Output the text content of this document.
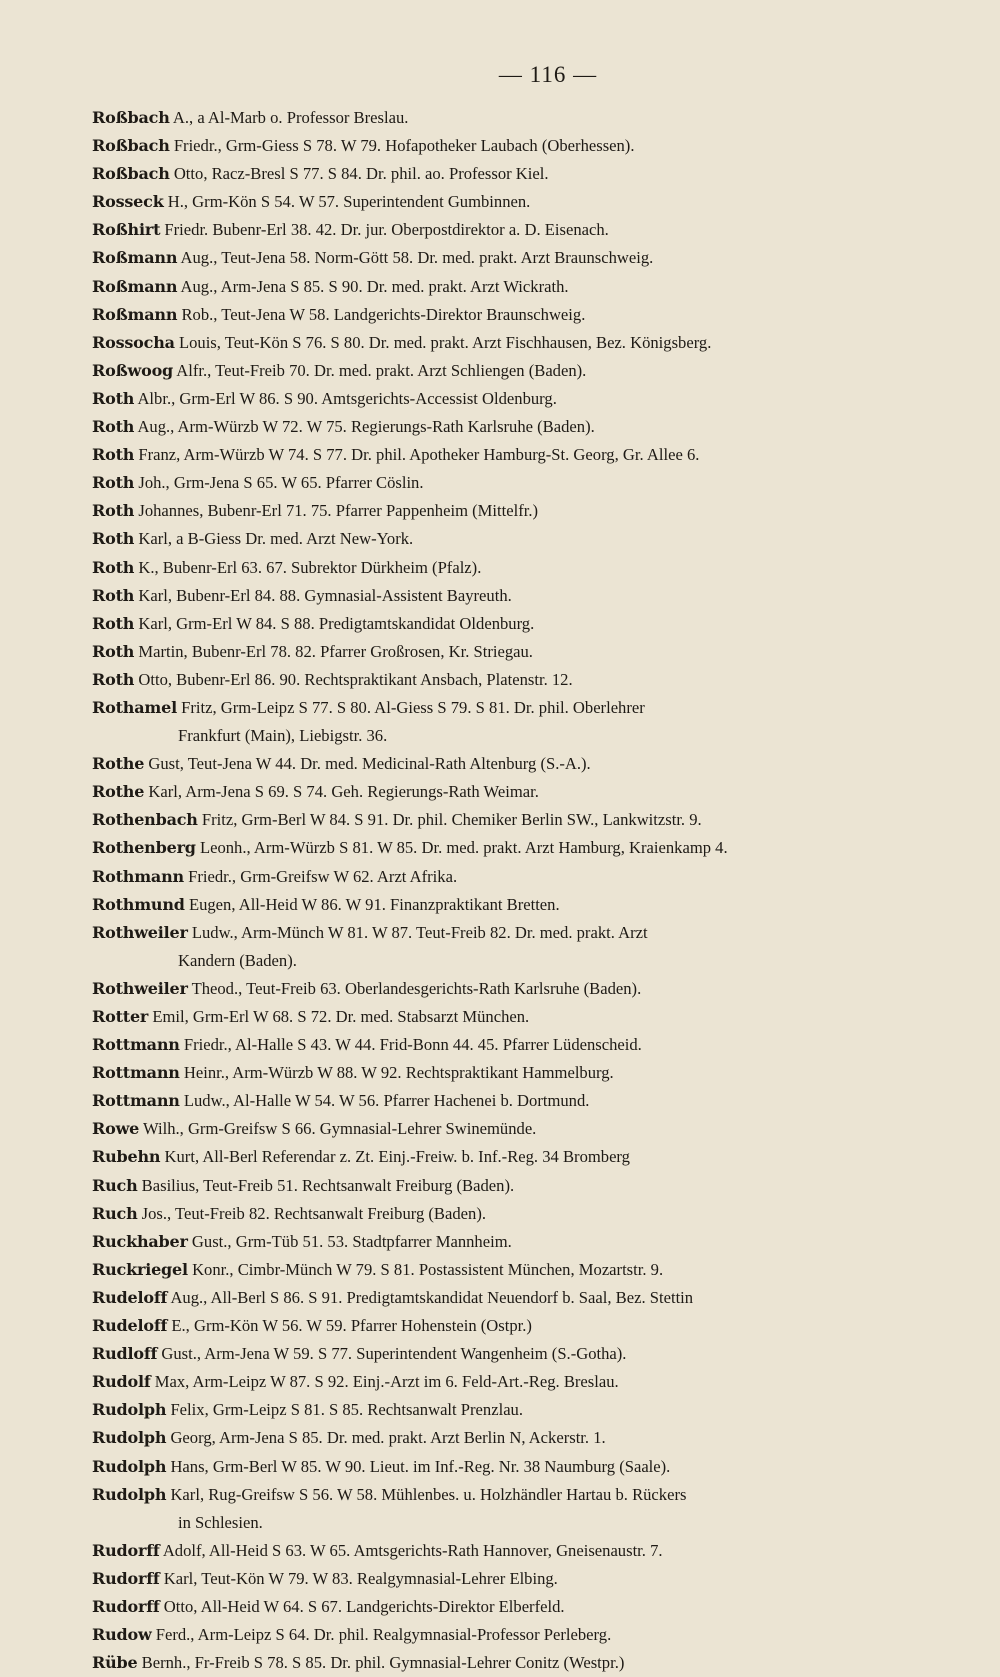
— 116 —
Roßbach A., a Al-Marb o. Professor Breslau.
Roßbach Friedr., Grm-Giess S 78. W 79. Hofapotheker Laubach (Oberhessen).
Roßbach Otto, Racz-Bresl S 77. S 84. Dr. phil. ao. Professor Kiel.
Rosseck H., Grm-Kön S 54. W 57. Superintendent Gumbinnen.
Roßhirt Friedr. Bubenr-Erl 38. 42. Dr. jur. Oberpostdirektor a. D. Eisenach.
Roßmann Aug., Teut-Jena 58. Norm-Gött 58. Dr. med. prakt. Arzt Braunschweig.
Roßmann Aug., Arm-Jena S 85. S 90. Dr. med. prakt. Arzt Wickrath.
Roßmann Rob., Teut-Jena W 58. Landgerichts-Direktor Braunschweig.
Rossocha Louis, Teut-Kön S 76. S 80. Dr. med. prakt. Arzt Fischhausen, Bez. Königsberg.
Roßwoog Alfr., Teut-Freib 70. Dr. med. prakt. Arzt Schliengen (Baden).
Roth Albr., Grm-Erl W 86. S 90. Amtsgerichts-Accessist Oldenburg.
Roth Aug., Arm-Würzb W 72. W 75. Regierungs-Rath Karlsruhe (Baden).
Roth Franz, Arm-Würzb W 74. S 77. Dr. phil. Apotheker Hamburg-St. Georg, Gr. Allee 6.
Roth Joh., Grm-Jena S 65. W 65. Pfarrer Cöslin.
Roth Johannes, Bubenr-Erl 71. 75. Pfarrer Pappenheim (Mittelfr.)
Roth Karl, a B-Giess Dr. med. Arzt New-York.
Roth K., Bubenr-Erl 63. 67. Subrektor Dürkheim (Pfalz).
Roth Karl, Bubenr-Erl 84. 88. Gymnasial-Assistent Bayreuth.
Roth Karl, Grm-Erl W 84. S 88. Predigtamtskandidat Oldenburg.
Roth Martin, Bubenr-Erl 78. 82. Pfarrer Großrosen, Kr. Striegau.
Roth Otto, Bubenr-Erl 86. 90. Rechtspraktikant Ansbach, Platenstr. 12.
Rothamel Fritz, Grm-Leipz S 77. S 80. Al-Giess S 79. S 81. Dr. phil. Oberlehrer
Frankfurt (Main), Liebigstr. 36.
Rothe Gust, Teut-Jena W 44. Dr. med. Medicinal-Rath Altenburg (S.-A.).
Rothe Karl, Arm-Jena S 69. S 74. Geh. Regierungs-Rath Weimar.
Rothenbach Fritz, Grm-Berl W 84. S 91. Dr. phil. Chemiker Berlin SW., Lankwitzstr. 9.
Rothenberg Leonh., Arm-Würzb S 81. W 85. Dr. med. prakt. Arzt Hamburg, Kraienkamp 4.
Rothmann Friedr., Grm-Greifsw W 62. Arzt Afrika.
Rothmund Eugen, All-Heid W 86. W 91. Finanzpraktikant Bretten.
Rothweiler Ludw., Arm-Münch W 81. W 87. Teut-Freib 82. Dr. med. prakt. Arzt
Kandern (Baden).
Rothweiler Theod., Teut-Freib 63. Oberlandesgerichts-Rath Karlsruhe (Baden).
Rotter Emil, Grm-Erl W 68. S 72. Dr. med. Stabsarzt München.
Rottmann Friedr., Al-Halle S 43. W 44. Frid-Bonn 44. 45. Pfarrer Lüdenscheid.
Rottmann Heinr., Arm-Würzb W 88. W 92. Rechtspraktikant Hammelburg.
Rottmann Ludw., Al-Halle W 54. W 56. Pfarrer Hachenei b. Dortmund.
Rowe Wilh., Grm-Greifsw S 66. Gymnasial-Lehrer Swinemünde.
Rubehn Kurt, All-Berl Referendar z. Zt. Einj.-Freiw. b. Inf.-Reg. 34 Bromberg
Ruch Basilius, Teut-Freib 51. Rechtsanwalt Freiburg (Baden).
Ruch Jos., Teut-Freib 82. Rechtsanwalt Freiburg (Baden).
Ruckhaber Gust., Grm-Tüb 51. 53. Stadtpfarrer Mannheim.
Ruckriegel Konr., Cimbr-Münch W 79. S 81. Postassistent München, Mozartstr. 9.
Rudeloff Aug., All-Berl S 86. S 91. Predigtamtskandidat Neuendorf b. Saal, Bez. Stettin
Rudeloff E., Grm-Kön W 56. W 59. Pfarrer Hohenstein (Ostpr.)
Rudloff Gust., Arm-Jena W 59. S 77. Superintendent Wangenheim (S.-Gotha).
Rudolf Max, Arm-Leipz W 87. S 92. Einj.-Arzt im 6. Feld-Art.-Reg. Breslau.
Rudolph Felix, Grm-Leipz S 81. S 85. Rechtsanwalt Prenzlau.
Rudolph Georg, Arm-Jena S 85. Dr. med. prakt. Arzt Berlin N, Ackerstr. 1.
Rudolph Hans, Grm-Berl W 85. W 90. Lieut. im Inf.-Reg. Nr. 38 Naumburg (Saale).
Rudolph Karl, Rug-Greifsw S 56. W 58. Mühlenbes. u. Holzhändler Hartau b. Rückers
in Schlesien.
Rudorff Adolf, All-Heid S 63. W 65. Amtsgerichts-Rath Hannover, Gneisenaustr. 7.
Rudorff Karl, Teut-Kön W 79. W 83. Realgymnasial-Lehrer Elbing.
Rudorff Otto, All-Heid W 64. S 67. Landgerichts-Direktor Elberfeld.
Rudow Ferd., Arm-Leipz S 64. Dr. phil. Realgymnasial-Professor Perleberg.
Rübe Bernh., Fr-Freib S 78. S 85. Dr. phil. Gymnasial-Lehrer Conitz (Westpr.)
